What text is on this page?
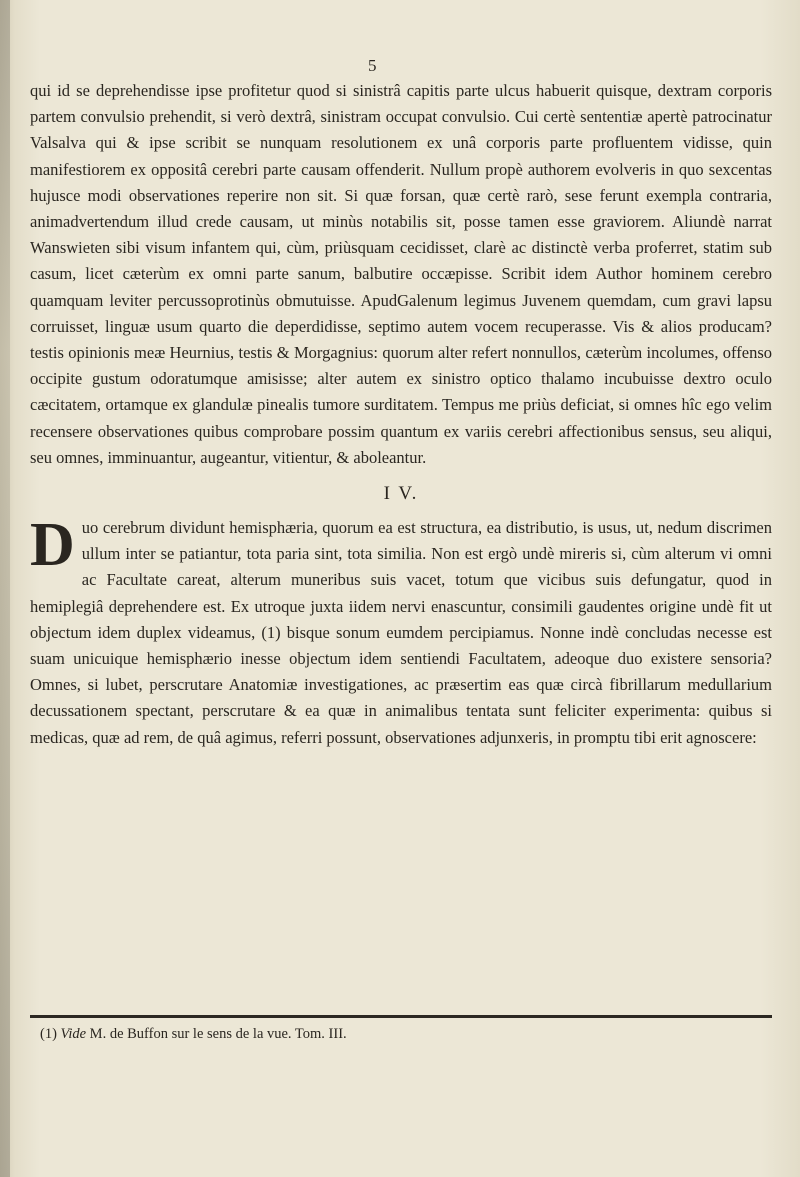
5

qui id se deprehendisse ipse profitetur quod si sinistrâ capitis parte ulcus habuerit quisque, dextram corporis partem convulsio prehendit, si verò dextrâ, sinistram occupat convulsio. Cui certè sententiæ apertè patrocinatur Valsalva qui & ipse scribit se nunquam resolutionem ex unâ corporis parte profluentem vidisse, quin manifestiorem ex oppositâ cerebri parte causam offenderit. Nullum propè authorem evolveris in quo sexcentas hujusce modi observationes reperire non sit. Si quæ forsan, quæ certè rarò, sese ferunt exempla contraria, animadvertendum illud crede causam, ut minùs notabilis sit, posse tamen esse graviorem. Aliundè narrat Wanswieten sibi visum infantem qui, cùm, priùsquam cecidisset, clarè ac distinctè verba proferret, statim sub casum, licet cæterùm ex omni parte sanum, balbutire occæpisse. Scribit idem Author hominem cerebro quamquam leviter percussoprotinùs obmutuisse. ApudGalenum legimus Juvenem quemdam, cum gravi lapsu corruisset, linguæ usum quarto die deperdidisse, septimo autem vocem recuperasse. Vis & alios producam? testis opinionis meæ Heurnius, testis & Morgagnius: quorum alter refert nonnullos, cæterùm incolumes, offenso occipite gustum odoratumque amisisse; alter autem ex sinistro optico thalamo incubuisse dextro oculo cæcitatem, ortamque ex glandulæ pinealis tumore surditatem. Tempus me priùs deficiat, si omnes hîc ego velim recensere observationes quibus comprobare possim quantum ex variis cerebri affectionibus sensus, seu aliqui, seu omnes, imminuantur, augeantur, vitientur, & aboleantur.

I V.

Duo cerebrum dividunt hemisphæria, quorum ea est structura, ea distributio, is usus, ut, nedum discrimen ullum inter se patiantur, tota paria sint, tota similia. Non est ergò undè mireris si, cùm alterum vi omni ac Facultate careat, alterum muneribus suis vacet, totum que vicibus suis defungatur, quod in hemiplegiâ deprehendere est. Ex utroque juxta iidem nervi enascuntur, consimili gaudentes origine undè fit ut objectum idem duplex videamus, (1) bisque sonum eumdem percipiamus. Nonne indè concludas necesse est suam unicuique hemisphærio inesse objectum idem sentiendi Facultatem, adeoque duo existere sensoria? Omnes, si lubet, perscrutare Anatomiæ investigationes, ac præsertim eas quæ circà fibrillarum medullarium decussationem spectant, perscrutare & ea quæ in animalibus tentata sunt feliciter experimenta: quibus si medicas, quæ ad rem, de quâ agimus, referri possunt, observationes adjunxeris, in promptu tibi erit agnoscere:

(1) Vide M. de Buffon sur le sens de la vue. Tom. III.
